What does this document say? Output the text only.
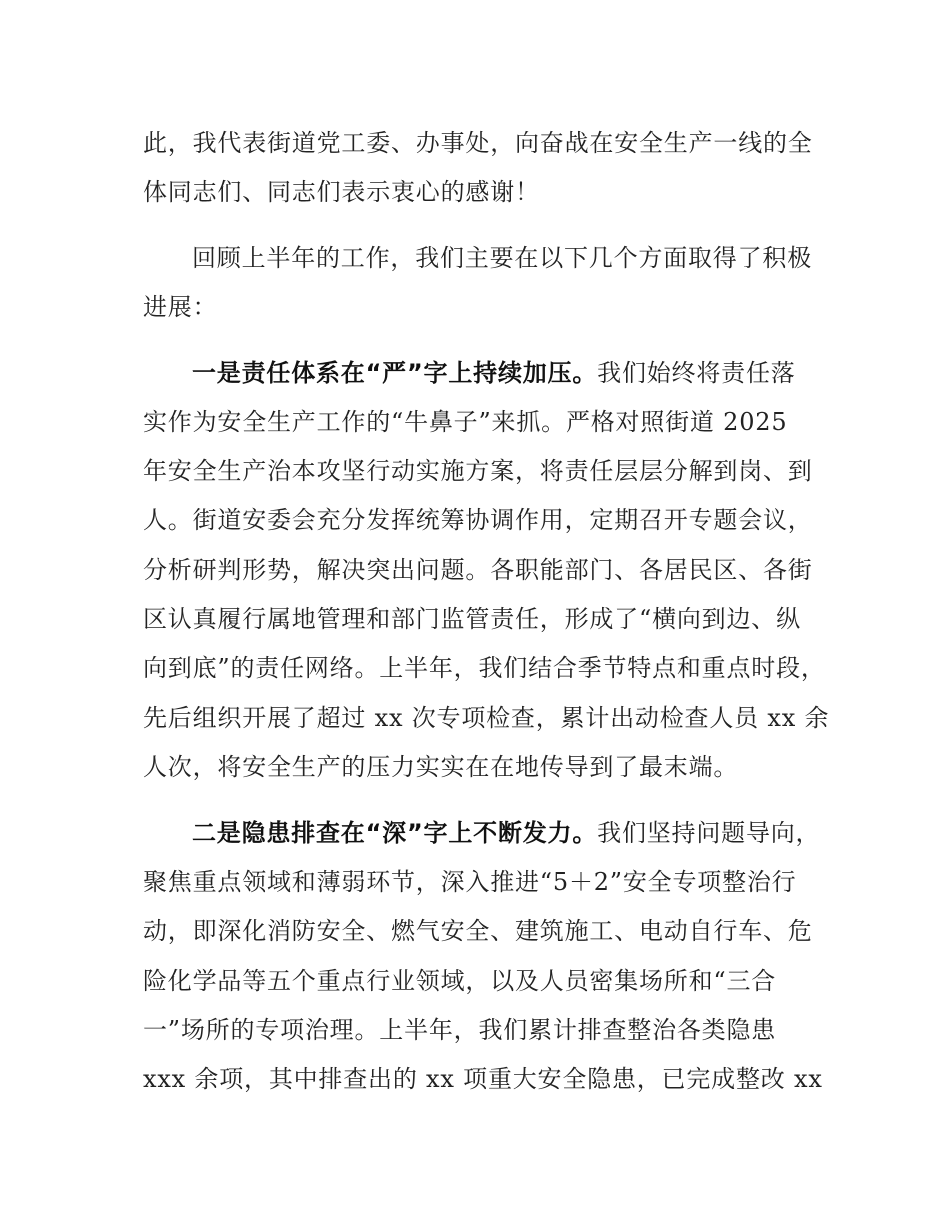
此，我代表街道党工委、办事处，向奋战在安全生产一线的全
体同志们、同志们表示衷心的感谢！
回顾上半年的工作，我们主要在以下几个方面取得了积极
进展：
一是责任体系在“严”字上持续加压。我们始终将责任落
实作为安全生产工作的“牛鼻子”来抓。严格对照街道 2025
年安全生产治本攻坚行动实施方案，将责任层层分解到岗、到
人。街道安委会充分发挥统筹协调作用，定期召开专题会议，
分析研判形势，解决突出问题。各职能部门、各居民区、各街
区认真履行属地管理和部门监管责任，形成了“横向到边、纵
向到底”的责任网络。上半年，我们结合季节特点和重点时段，
先后组织开展了超过 xx 次专项检查，累计出动检查人员 xx 余
人次，将安全生产的压力实实在在地传导到了最末端。
二是隐患排查在“深”字上不断发力。我们坚持问题导向，
聚焦重点领域和薄弱环节，深入推进“5＋2”安全专项整治行
动，即深化消防安全、燃气安全、建筑施工、电动自行车、危
险化学品等五个重点行业领域，以及人员密集场所和“三合
一”场所的专项治理。上半年，我们累计排查整治各类隐患
xxx 余项，其中排查出的 xx 项重大安全隐患，已完成整改 xx
